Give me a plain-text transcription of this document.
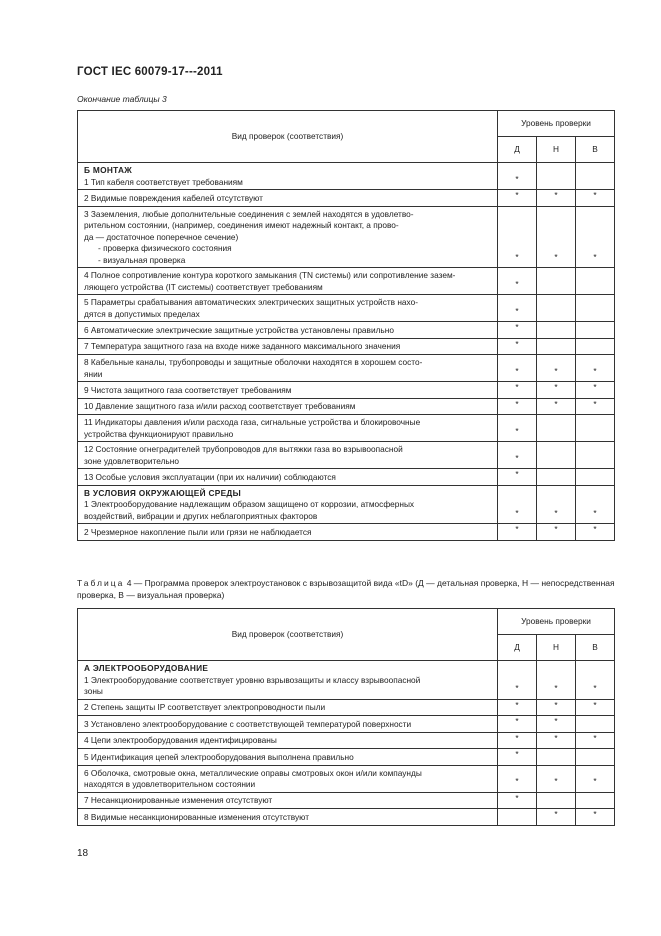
ГОСТ IEC 60079-17---2011
Окончание таблицы 3
Вид проверок (соответствия)	Уровень проверки		
	Д	Н	В

Б МОНТАЖ
1 Тип кабеля соответствует требованиям	*		

2 Видимые повреждения кабелей отсутствуют	*	*	*

3 Заземления, любые дополнительные соединения с землей находятся в удовлетво-
рительном состоянии, (например, соединения имеют надежный контакт, а прово-
да — достаточное поперечное сечение)
- проверка физического состояния
- визуальная проверка	*	*	*

4 Полное сопротивление контура короткого замыкания (TN системы) или сопротивление зазем-
ляющего устройства (IT системы) соответствует требованиям	*		

5 Параметры срабатывания автоматических электрических защитных устройств нахо-
дятся в допустимых пределах	*		

6 Автоматические электрические защитные устройства установлены правильно	*		

7 Температура защитного газа на входе ниже заданного максимального значения	*		

8 Кабельные каналы, трубопроводы и защитные оболочки находятся в хорошем состо-
янии	*	*	*

9 Чистота защитного газа соответствует требованиям	*	*	*

10 Давление защитного газа и/или расход соответствует требованиям	*	*	*

11 Индикаторы давления и/или расхода газа, сигнальные устройства и блокировочные
устройства функционируют правильно	*		

12 Состояние огнеградителей трубопроводов для вытяжки газа во взрывоопасной
зоне удовлетворительно	*		

13 Особые условия эксплуатации (при их наличии) соблюдаются	*		

В УСЛОВИЯ ОКРУЖАЮЩЕЙ СРЕДЫ
1 Электрооборудование надлежащим образом защищено от коррозии, атмосферных
воздействий, вибрации и других неблагоприятных факторов	*	*	*

2 Чрезмерное накопление пыли или грязи не наблюдается	*	*	*
Таблица 4 — Программа проверок электроустановок с взрывозащитой вида «tD» (Д — детальная проверка, Н — непосредственная проверка, В — визуальная проверка)
Вид проверок (соответствия)	Уровень проверки		
	Д	Н	В

А ЭЛЕКТРООБОРУДОВАНИЕ
1 Электрооборудование соответствует уровню взрывозащиты и классу взрывоопасной
зоны	*	*	*

2 Степень защиты IP соответствует электропроводности пыли	*	*	*

3 Установлено электрооборудование с соответствующей температурой поверхности	*	*	

4 Цепи электрооборудования идентифицированы	*	*	*

5 Идентификация цепей электрооборудования выполнена правильно	*		

6 Оболочка, смотровые окна, металлические оправы смотровых окон и/или компаунды
находятся в удовлетворительном состоянии	*	*	*

7 Несанкционированные изменения отсутствуют	*		

8 Видимые несанкционированные изменения отсутствуют		*	*
18
